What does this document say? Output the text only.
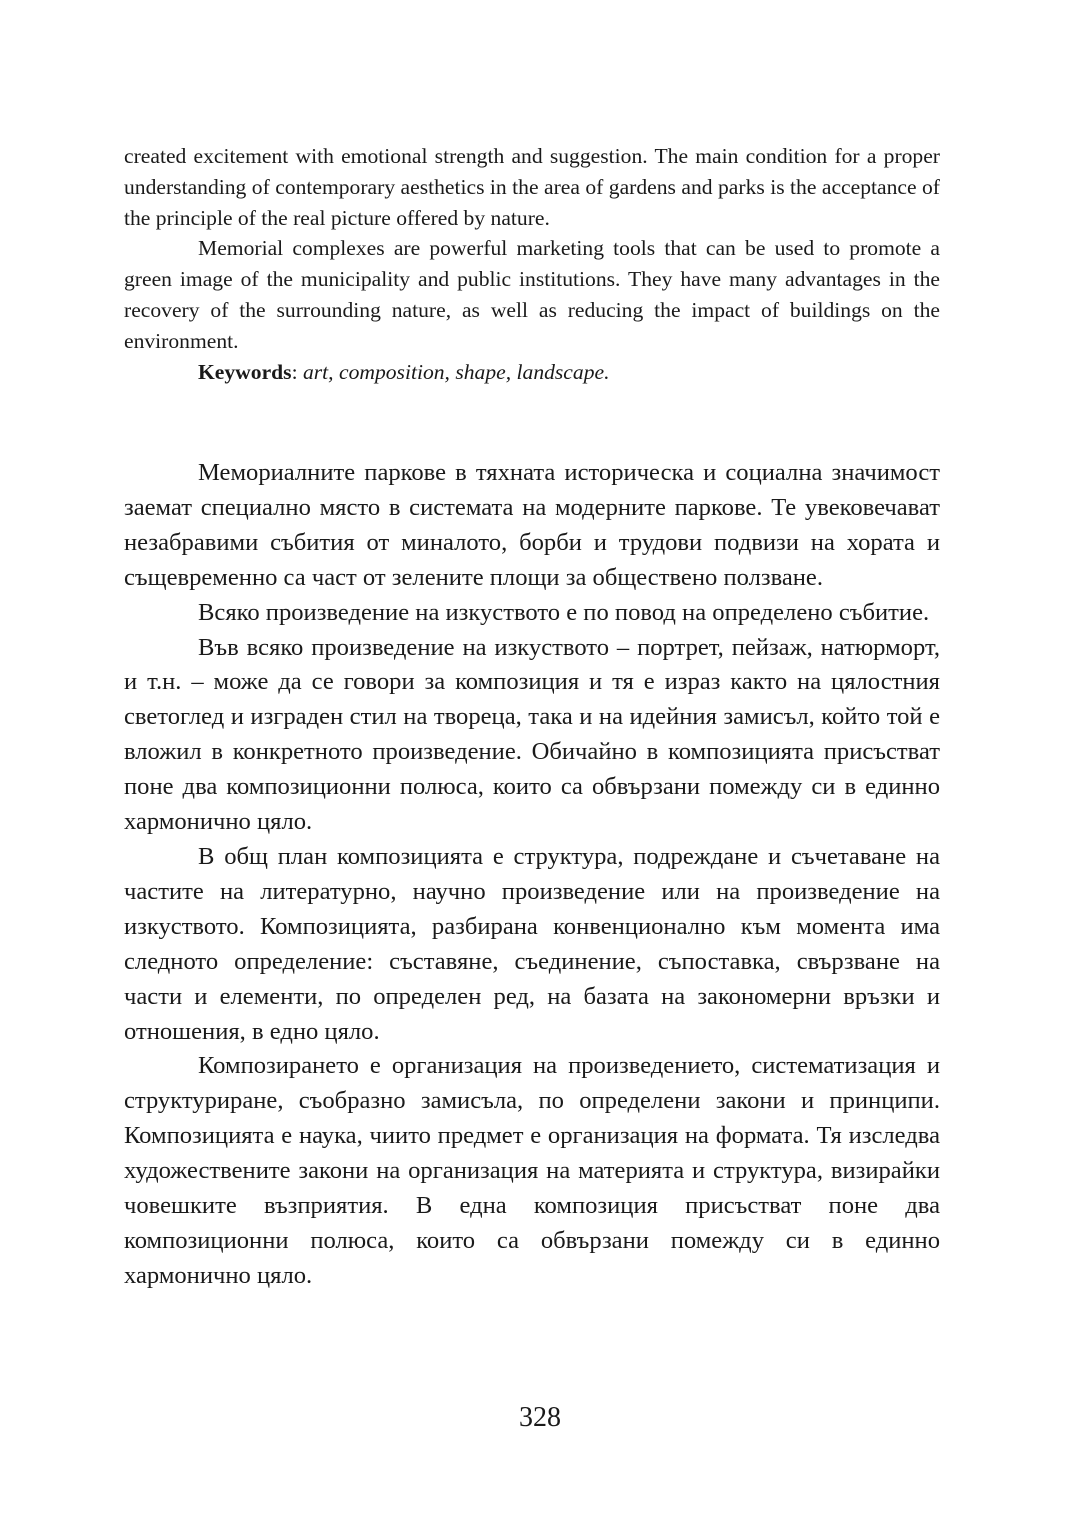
created excitement with emotional strength and suggestion. The main condition for a proper understanding of contemporary aesthetics in the area of gardens and parks is the acceptance of the principle of the real picture offered by nature.

Memorial complexes are powerful marketing tools that can be used to promote a green image of the municipality and public institutions. They have many advantages in the recovery of the surrounding nature, as well as reducing the impact of buildings on the environment.

Keywords: art, composition, shape, landscape.

Мемориалните паркове в тяхната историческа и социална значимост заемат специално място в системата на модерните паркове. Те увековечават незабравими събития от миналото, борби и трудови подвизи на хората и същевременно са част от зелените площи за обществено ползване.

Всяко произведение на изкуството е по повод на определено събитие.

Във всяко произведение на изкуството – портрет, пейзаж, натюрморт, и т.н. – може да се говори за композиция и тя е израз както на цялостния светоглед и изграден стил на твореца, така и на идейния замисъл, който той е вложил в конкретното произведение. Обичайно в композицията присъстват поне два композиционни полюса, които са обвързани помежду си в единно хармонично цяло.

В общ план композицията е структура, подреждане и съчетаване на частите на литературно, научно произведение или на произведение на изкуството. Композицията, разбирана конвенционално към момента има следното определение: съставяне, съединение, съпоставка, свързване на части и елементи, по определен ред, на базата на закономерни връзки и отношения, в едно цяло.

Композирането е организация на произведението, систематизация и структуриране, съобразно замисъла, по определени закони и принципи. Композицията е наука, чиито предмет е организация на формата. Тя изследва художествените закони на организация на материята и структура, визирайки човешките възприятия. В една композиция присъстват поне два композиционни полюса, които са обвързани помежду си в единно хармонично цяло.

328
